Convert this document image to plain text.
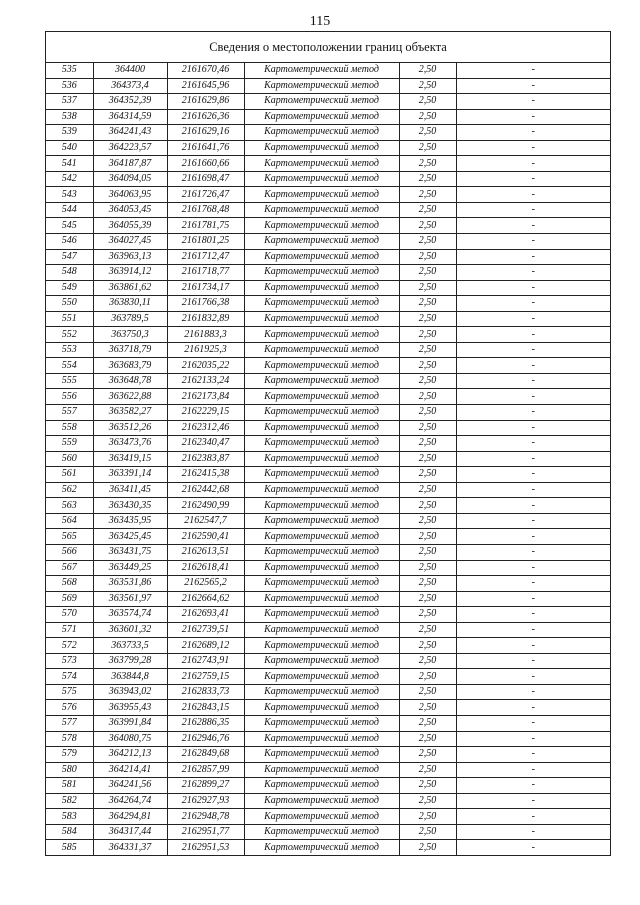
115
Сведения о местоположении границ объекта
535	364400	2161670,46	Картометрический метод	2,50	-
536	364373,4	2161645,96	Картометрический метод	2,50	-
537	364352,39	2161629,86	Картометрический метод	2,50	-
538	364314,59	2161626,36	Картометрический метод	2,50	-
539	364241,43	2161629,16	Картометрический метод	2,50	-
540	364223,57	2161641,76	Картометрический метод	2,50	-
541	364187,87	2161660,66	Картометрический метод	2,50	-
542	364094,05	2161698,47	Картометрический метод	2,50	-
543	364063,95	2161726,47	Картометрический метод	2,50	-
544	364053,45	2161768,48	Картометрический метод	2,50	-
545	364055,39	2161781,75	Картометрический метод	2,50	-
546	364027,45	2161801,25	Картометрический метод	2,50	-
547	363963,13	2161712,47	Картометрический метод	2,50	-
548	363914,12	2161718,77	Картометрический метод	2,50	-
549	363861,62	2161734,17	Картометрический метод	2,50	-
550	363830,11	2161766,38	Картометрический метод	2,50	-
551	363789,5	2161832,89	Картометрический метод	2,50	-
552	363750,3	2161883,3	Картометрический метод	2,50	-
553	363718,79	2161925,3	Картометрический метод	2,50	-
554	363683,79	2162035,22	Картометрический метод	2,50	-
555	363648,78	2162133,24	Картометрический метод	2,50	-
556	363622,88	2162173,84	Картометрический метод	2,50	-
557	363582,27	2162229,15	Картометрический метод	2,50	-
558	363512,26	2162312,46	Картометрический метод	2,50	-
559	363473,76	2162340,47	Картометрический метод	2,50	-
560	363419,15	2162383,87	Картометрический метод	2,50	-
561	363391,14	2162415,38	Картометрический метод	2,50	-
562	363411,45	2162442,68	Картометрический метод	2,50	-
563	363430,35	2162490,99	Картометрический метод	2,50	-
564	363435,95	2162547,7	Картометрический метод	2,50	-
565	363425,45	2162590,41	Картометрический метод	2,50	-
566	363431,75	2162613,51	Картометрический метод	2,50	-
567	363449,25	2162618,41	Картометрический метод	2,50	-
568	363531,86	2162565,2	Картометрический метод	2,50	-
569	363561,97	2162664,62	Картометрический метод	2,50	-
570	363574,74	2162693,41	Картометрический метод	2,50	-
571	363601,32	2162739,51	Картометрический метод	2,50	-
572	363733,5	2162689,12	Картометрический метод	2,50	-
573	363799,28	2162743,91	Картометрический метод	2,50	-
574	363844,8	2162759,15	Картометрический метод	2,50	-
575	363943,02	2162833,73	Картометрический метод	2,50	-
576	363955,43	2162843,15	Картометрический метод	2,50	-
577	363991,84	2162886,35	Картометрический метод	2,50	-
578	364080,75	2162946,76	Картометрический метод	2,50	-
579	364212,13	2162849,68	Картометрический метод	2,50	-
580	364214,41	2162857,99	Картометрический метод	2,50	-
581	364241,56	2162899,27	Картометрический метод	2,50	-
582	364264,74	2162927,93	Картометрический метод	2,50	-
583	364294,81	2162948,78	Картометрический метод	2,50	-
584	364317,44	2162951,77	Картометрический метод	2,50	-
585	364331,37	2162951,53	Картометрический метод	2,50	-
